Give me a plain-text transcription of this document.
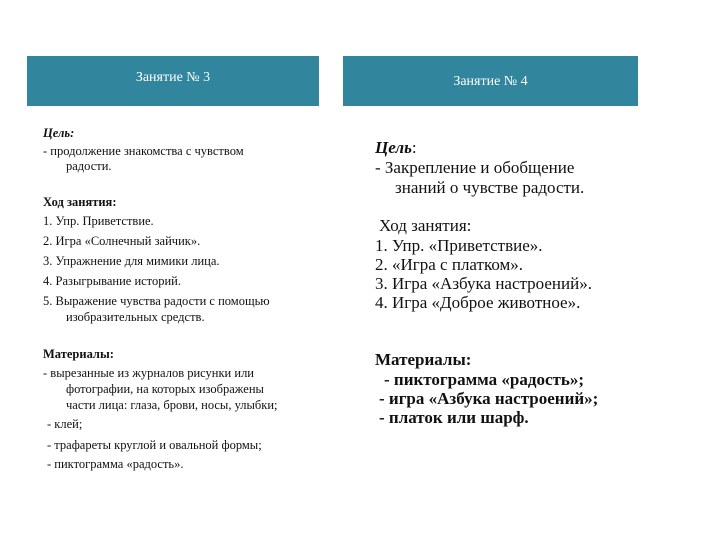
Занятие № 3	Занятие № 4
Цель:
- продолжение знакомства с чувством
радости.
Ход занятия:
1. Упр. Приветствие.
2. Игра «Солнечный зайчик».
3. Упражнение для мимики лица.
4. Разыгрывание историй.
5. Выражение чувства радости с помощью
изобразительных средств.
Материалы:
- вырезанные из журналов рисунки или
фотографии, на которых изображены
части лица: глаза, брови, носы, улыбки;
- клей;
- трафареты круглой и овальной формы;
- пиктограмма «радость».
Цель:
- Закрепление и обобщение
знаний о чувстве радости.
Ход занятия:
1. Упр. «Приветствие».
2. «Игра с платком».
3. Игра «Азбука настроений».
4. Игра «Доброе животное».
Материалы:
- пиктограмма «радость»;
- игра «Азбука настроений»;
- платок или шарф.
